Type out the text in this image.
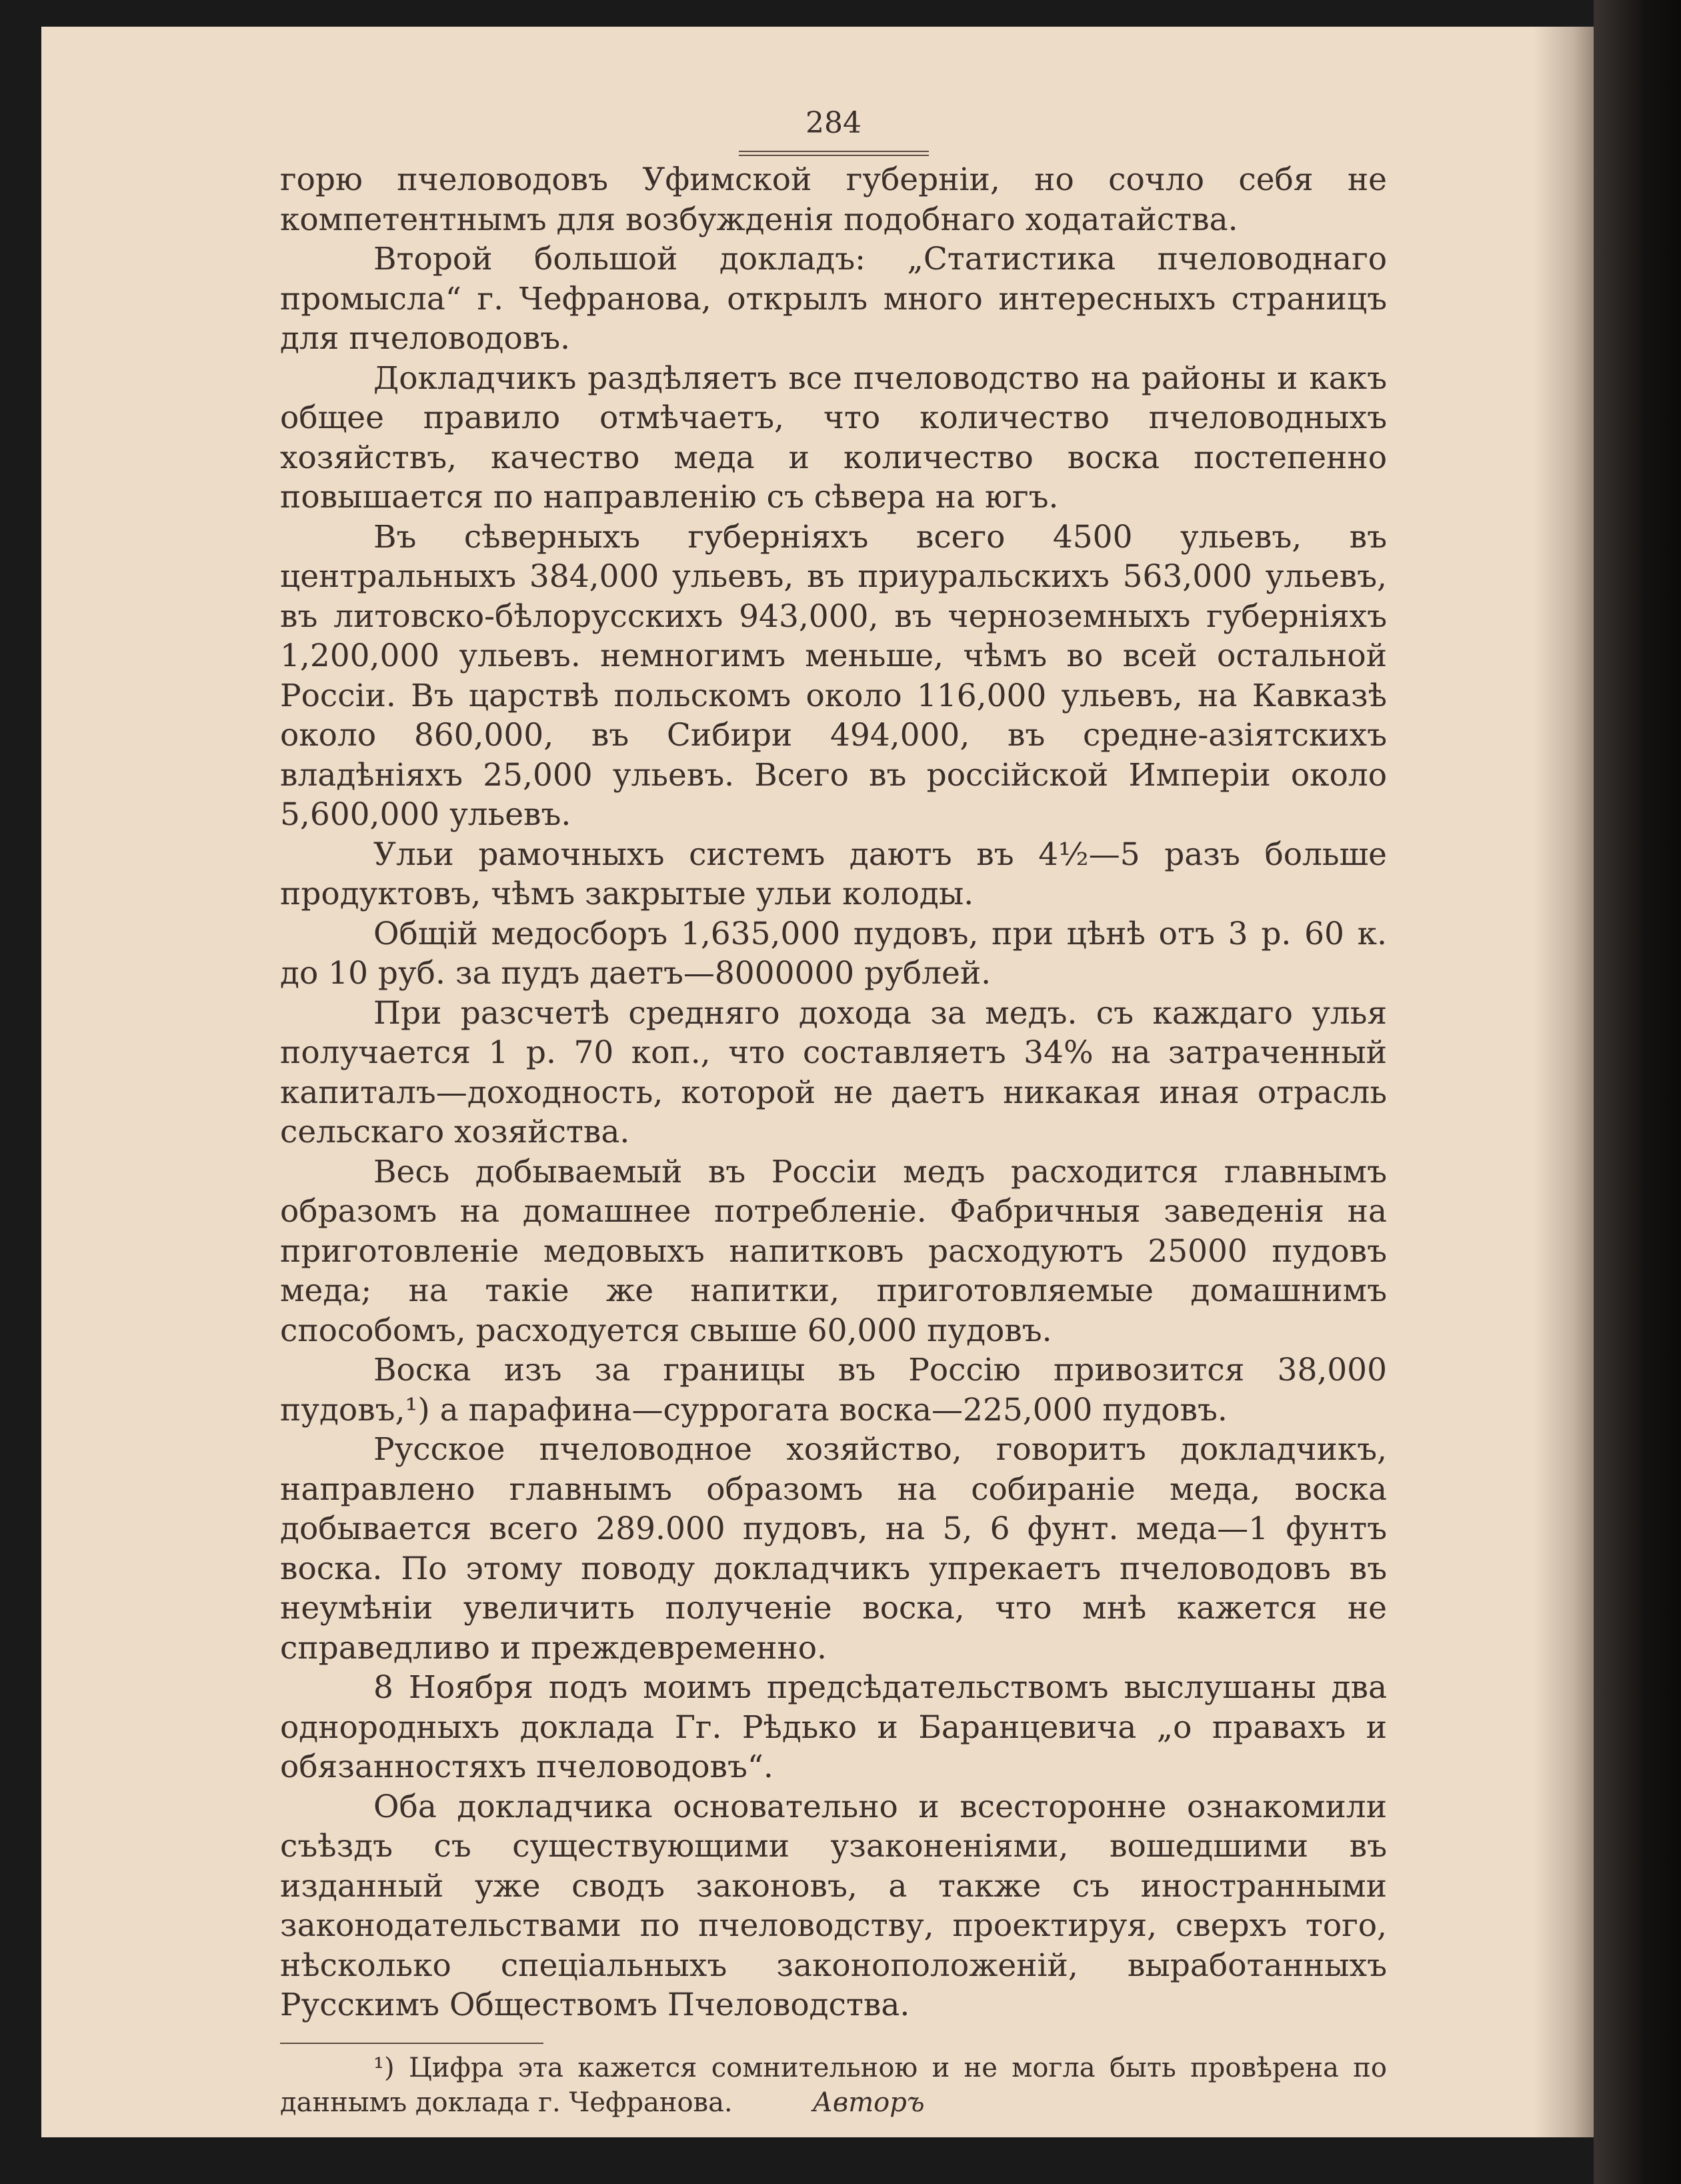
284

горю пчеловодовъ Уфимской губерніи, но сочло себя не компетентнымъ для возбужденія подобнаго ходатайства.

Второй большой докладъ: „Статистика пчеловоднаго промысла“ г. Чефранова, открылъ много интересныхъ страницъ для пчеловодовъ.

Докладчикъ раздѣляетъ все пчеловодство на районы и какъ общее правило отмѣчаетъ, что количество пчеловодныхъ хозяйствъ, качество меда и количество воска постепенно повышается по направленію съ сѣвера на югъ.

Въ сѣверныхъ губерніяхъ всего 4500 ульевъ, въ центральныхъ 384,000 ульевъ, въ приуральскихъ 563,000 ульевъ, въ литовско-бѣлорусскихъ 943,000, въ черноземныхъ губерніяхъ 1,200,000 ульевъ. немногимъ меньше, чѣмъ во всей остальной Россіи. Въ царствѣ польскомъ около 116,000 ульевъ, на Кавказѣ около 860,000, въ Сибири 494,000, въ средне-азіятскихъ владѣніяхъ 25,000 ульевъ. Всего въ россійской Имперіи около 5,600,000 ульевъ.

Ульи рамочныхъ системъ даютъ въ 4½—5 разъ больше продуктовъ, чѣмъ закрытые ульи колоды.

Общій медосборъ 1,635,000 пудовъ, при цѣнѣ отъ 3 р. 60 к. до 10 руб. за пудъ даетъ—8000000 рублей.

При разсчетѣ средняго дохода за медъ. съ каждаго улья получается 1 р. 70 коп., что составляетъ 34% на затраченный капиталъ—доходность, которой не даетъ никакая иная отрасль сельскаго хозяйства.

Весь добываемый въ Россіи медъ расходится главнымъ образомъ на домашнее потребленіе. Фабричныя заведенія на приготовленіе медовыхъ напитковъ расходуютъ 25000 пудовъ меда; на такіе же напитки, приготовляемые домашнимъ способомъ, расходуется свыше 60,000 пудовъ.

Воска изъ за границы въ Россію привозится 38,000 пудовъ,¹) а парафина—суррогата воска—225,000 пудовъ.

Русское пчеловодное хозяйство, говоритъ докладчикъ, направлено главнымъ образомъ на собираніе меда, воска добывается всего 289.000 пудовъ, на 5, 6 фунт. меда—1 фунтъ воска. По этому поводу докладчикъ упрекаетъ пчеловодовъ въ неумѣніи увеличить полученіе воска, что мнѣ кажется не справедливо и преждевременно.

8 Ноября подъ моимъ предсѣдательствомъ выслушаны два однородныхъ доклада Гг. Рѣдько и Баранцевича „о правахъ и обязанностяхъ пчеловодовъ“.

Оба докладчика основательно и всесторонне ознакомили съѣздъ съ существующими узаконеніями, вошедшими въ изданный уже сводъ законовъ, а также съ иностранными законодательствами по пчеловодству, проектируя, сверхъ того, нѣсколько спеціальныхъ законоположеній, выработанныхъ Русскимъ Обществомъ Пчеловодства.

¹) Цифра эта кажется сомнительною и не могла быть провѣрена по даннымъ доклада г. Чефранова.	Авторъ
